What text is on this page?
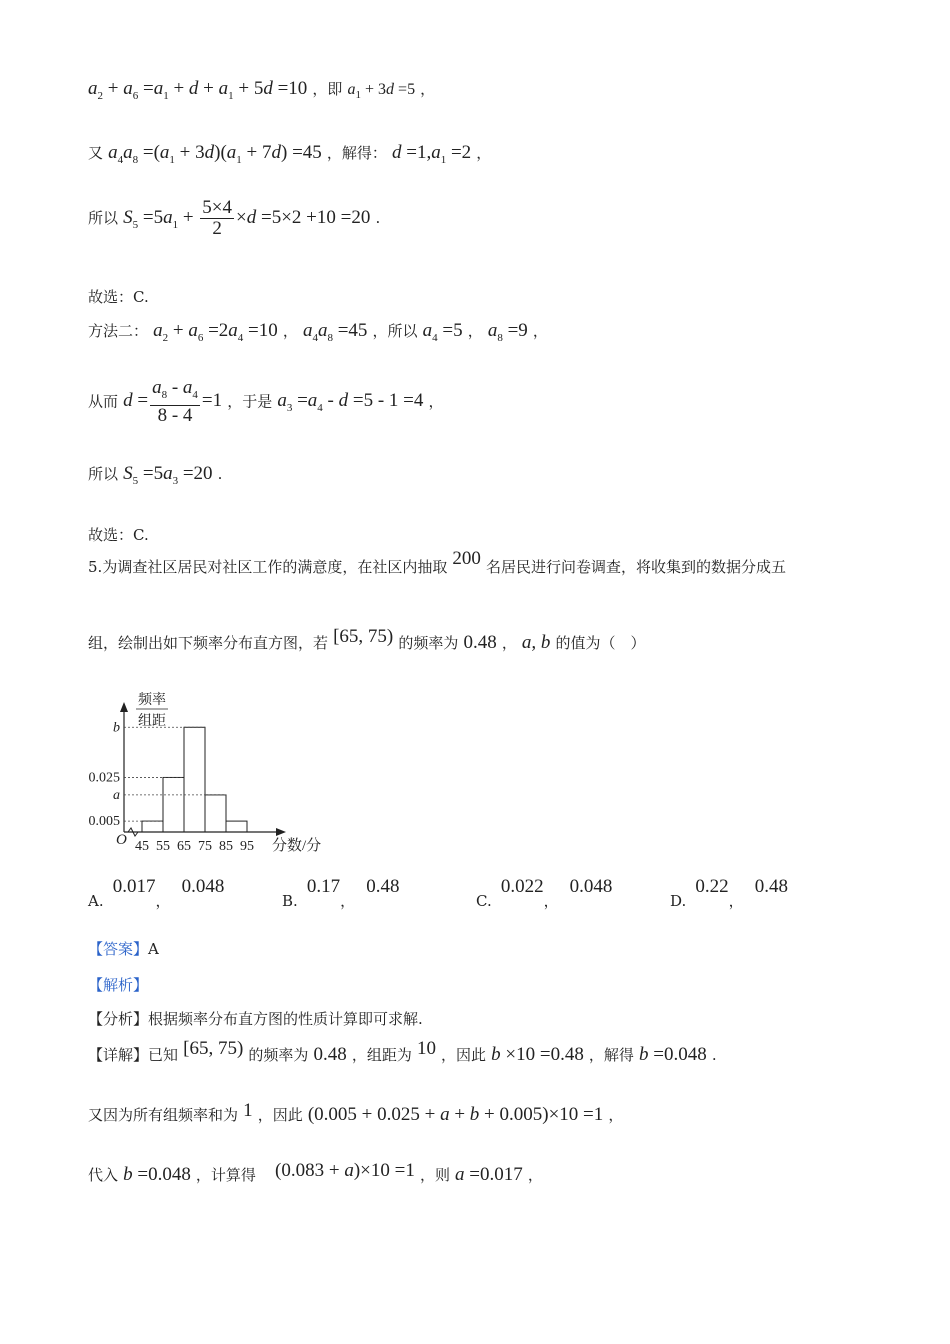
$a_2 + a_6 =a_1 + d + a_1 + 5d =10$ ，即 $a_1 + 3d =5$ ，
又 $a_4a_8 =(a_1 + 3d)(a_1 + 7d) =45$ ，解得： $d =1,a_1 =2$ ，
所以 $S_5 =5a_1 + \frac{5\times 4}{2} \times d =5\times 2 +10 =20$ .
故选：C.
方法二： $a_2 + a_6 =2a_4 =10$ ， $a_4a_8 =45$ ，所以 $a_4 =5$ ， $a_8 =9$ ，
从而 $d = \frac{a_8 - a_4}{8 - 4} =1$ ，于是 $a_3 =a_4 - d =5 - 1 =4$ ，
所以 $S_5 =5a_3 =20$ .
故选：C.
5.为调查社区居民对社区工作的满意度，在社区内抽取 200 名居民进行问卷调查，将收集到的数据分成五
组，绘制出如下频率分布直方图，若 [65, 75) 的频率为 0.48 ， a, b 的值为（　）
b
0.025
a
0.005
45 55 65 75 85 95
O	分数/分
频率
组距
A. 0.017， 0.048
B. 0.17， 0.48
C. 0.022， 0.048
D. 0.22， 0.48
【答案】A
【解析】
【分析】根据频率分布直方图的性质计算即可求解.
【详解】已知 [65, 75) 的频率为 0.48 ，组距为 10 ，因此 b ×10 =0.48 ，解得 b =0.048 .
又因为所有组频率和为 1 ，因此 (0.005 + 0.025 + a + b + 0.005)×10 =1 ，
代入 b =0.048 ，计算得 (0.083 + a)×10 =1 ，则 a =0.017 ，
